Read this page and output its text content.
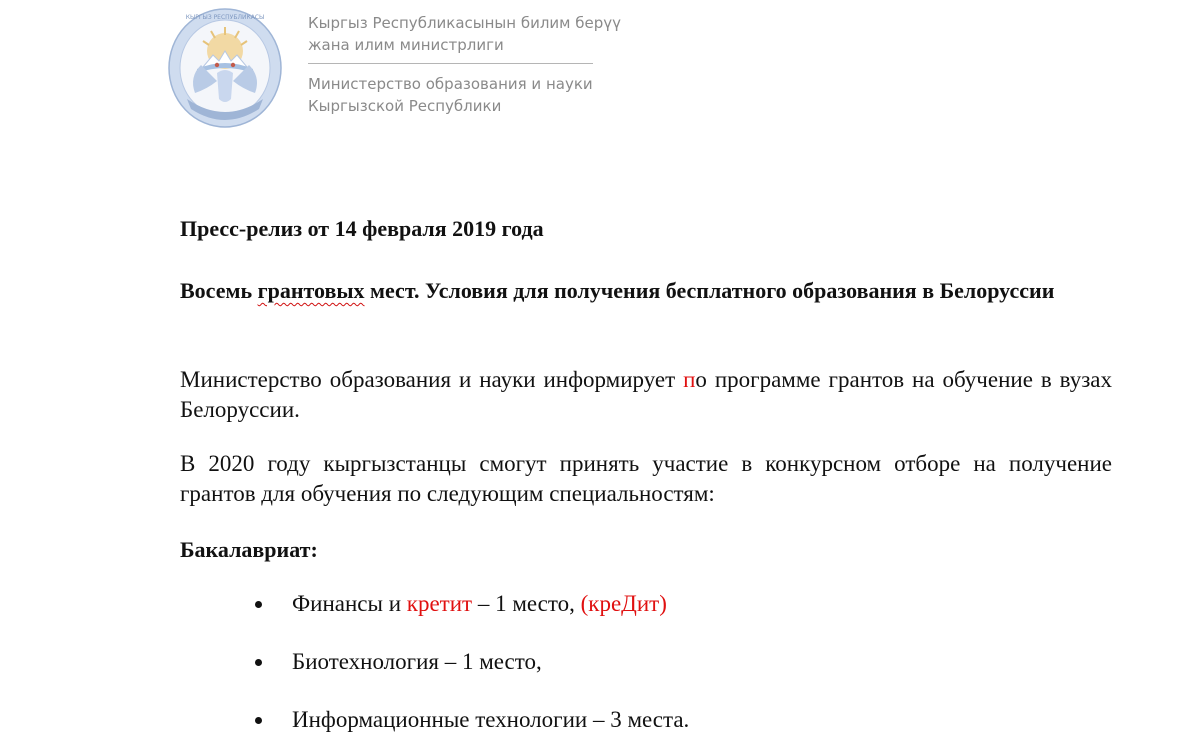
КЫРГЫЗ РЕСПУБЛИКАСЫ	Кыргыз Республикасынын билим берүү
жана илим министрлиги
Министерство образования и науки
Кыргызской Республики
Пресс-релиз от 14 февраля 2019 года
Восемь грантовых мест. Условия для получения бесплатного образования в Белоруссии
Министерство образования и науки информирует по программе грантов на обучение в вузах Белоруссии.
В 2020 году кыргызстанцы смогут принять участие в конкурсном отборе на получение грантов для обучения по следующим специальностям:
Бакалавриат:
Финансы и кретит – 1 место, (креДит)
Биотехнология – 1 место,
Информационные технологии – 3 места.
